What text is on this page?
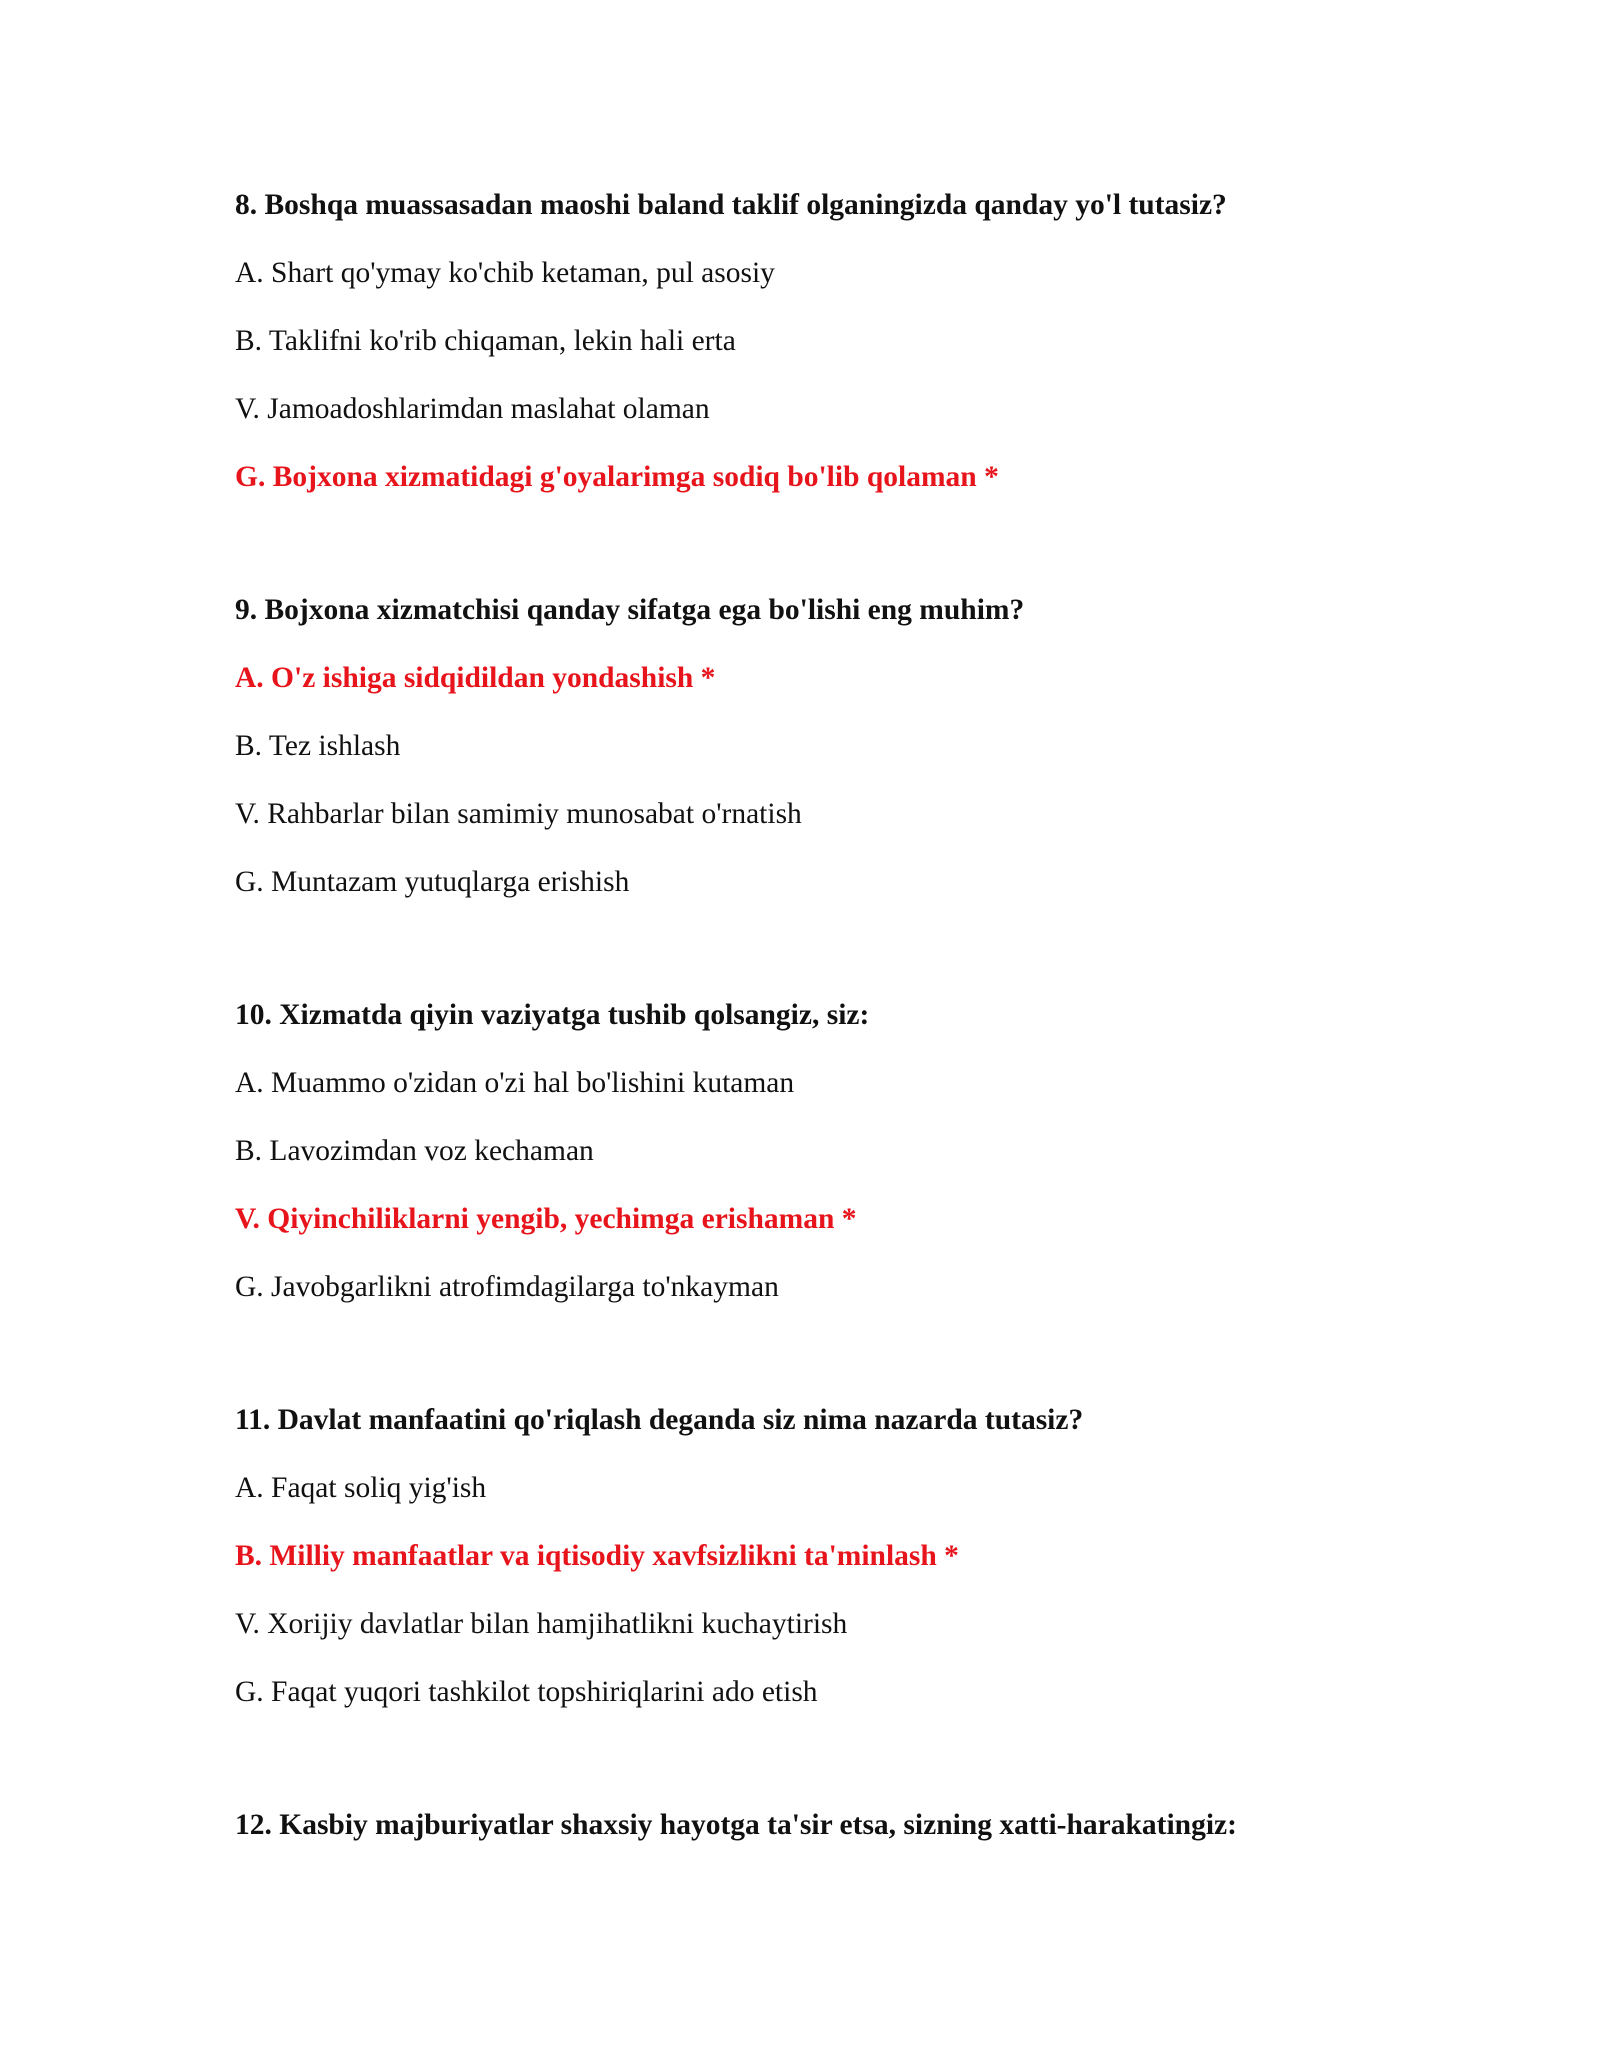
8. Boshqa muassasadan maoshi baland taklif olganingizda qanday yo'l tutasiz?
A. Shart qo'ymay ko'chib ketaman, pul asosiy
B. Taklifni ko'rib chiqaman, lekin hali erta
V. Jamoadoshlarimdan maslahat olaman
G. Bojxona xizmatidagi g'oyalarimga sodiq bo'lib qolaman *
9. Bojxona xizmatchisi qanday sifatga ega bo'lishi eng muhim?
A. O'z ishiga sidqidildan yondashish *
B. Tez ishlash
V. Rahbarlar bilan samimiy munosabat o'rnatish
G. Muntazam yutuqlarga erishish
10. Xizmatda qiyin vaziyatga tushib qolsangiz, siz:
A. Muammo o'zidan o'zi hal bo'lishini kutaman
B. Lavozimdan voz kechaman
V. Qiyinchiliklarni yengib, yechimga erishaman *
G. Javobgarlikni atrofimdagilarga to'nkayman
11. Davlat manfaatini qo'riqlash deganda siz nima nazarda tutasiz?
A. Faqat soliq yig'ish
B. Milliy manfaatlar va iqtisodiy xavfsizlikni ta'minlash *
V. Xorijiy davlatlar bilan hamjihatlikni kuchaytirish
G. Faqat yuqori tashkilot topshiriqlarini ado etish
12. Kasbiy majburiyatlar shaxsiy hayotga ta'sir etsa, sizning xatti-harakatingiz:
